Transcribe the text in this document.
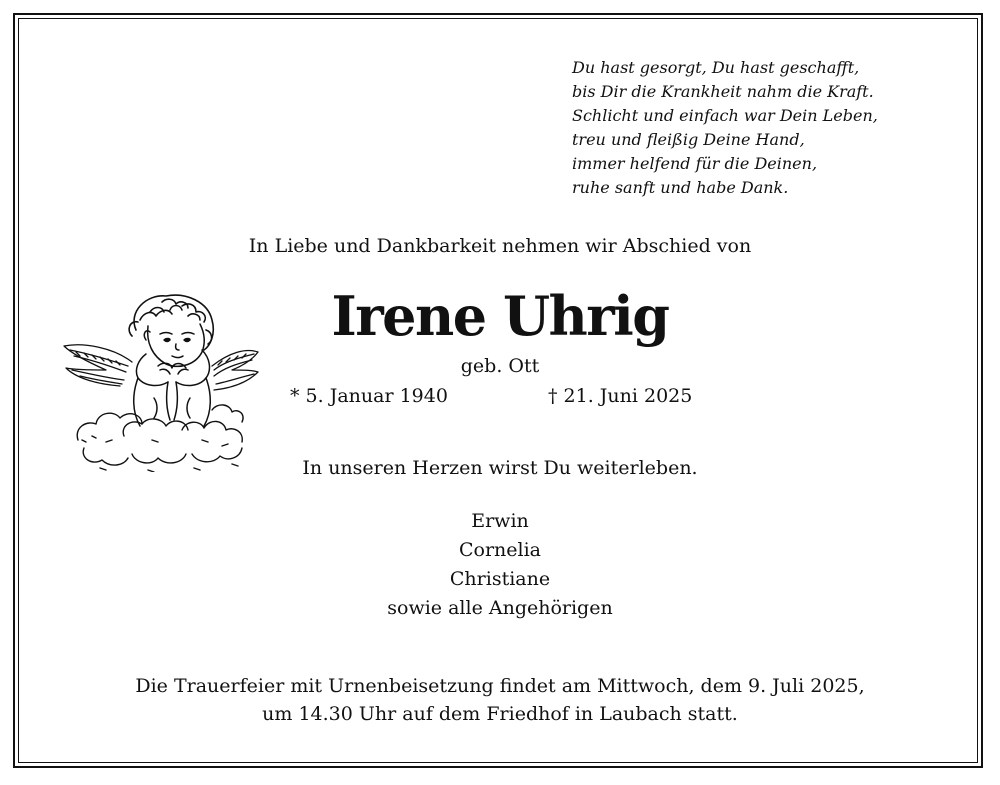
Du hast gesorgt, Du hast geschafft,
bis Dir die Krankheit nahm die Kraft.
Schlicht und einfach war Dein Leben,
treu und fleißig Deine Hand,
immer helfend für die Deinen,
ruhe sanft und habe Dank.
In Liebe und Dankbarkeit nehmen wir Abschied von
Irene Uhrig
geb. Ott
* 5. Januar 1940	† 21. Juni 2025
In unseren Herzen wirst Du weiterleben.
Erwin
Cornelia
Christiane
sowie alle Angehörigen
Die Trauerfeier mit Urnenbeisetzung findet am Mittwoch, dem 9. Juli 2025,
um 14.30 Uhr auf dem Friedhof in Laubach statt.
